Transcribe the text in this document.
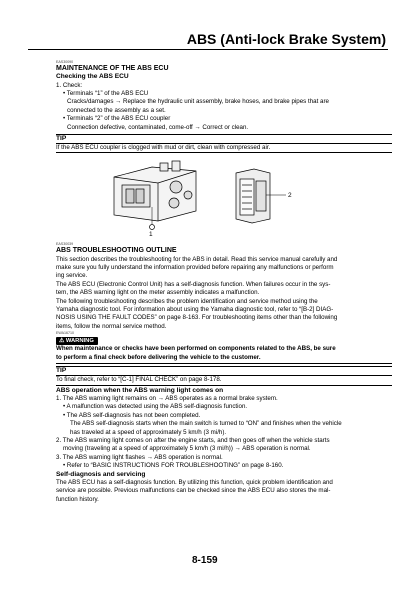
ABS (Anti-lock Brake System)
EAS30090
MAINTENANCE OF THE ABS ECU
Checking the ABS ECU
1. Check:
• Terminals “1” of the ABS ECU
Cracks/damages → Replace the hydraulic unit assembly, brake hoses, and brake pipes that are
connected to the assembly as a set.
• Terminals “2” of the ABS ECU coupler
Connection defective, contaminated, come-off → Correct or clean.
TIP
If the ABS ECU coupler is clogged with mud or dirt, clean with compressed air.
1
2
EAS30039
ABS TROUBLESHOOTING OUTLINE
This section describes the troubleshooting for the ABS in detail. Read this service manual carefully and
make sure you fully understand the information provided before repairing any malfunctions or perform
ing service.
The ABS ECU (Electronic Control Unit) has a self-diagnosis function. When failures occur in the sys-
tem, the ABS warning light on the meter assembly indicates a malfunction.
The following troubleshooting describes the problem identification and service method using the
Yamaha diagnostic tool. For information about using the Yamaha diagnostic tool, refer to “[B-2] DIAG-
NOSIS USING THE FAULT CODES” on page 8-163. For troubleshooting items other than the following
items, follow the normal service method.
EWA16710
⚠ WARNING
When maintenance or checks have been performed on components related to the ABS, be sure
to perform a final check before delivering the vehicle to the customer.
TIP
To final check, refer to “[C-1] FINAL CHECK” on page 8-178.
ABS operation when the ABS warning light comes on
1. The ABS warning light remains on → ABS operates as a normal brake system.
• A malfunction was detected using the ABS self-diagnosis function.
• The ABS self-diagnosis has not been completed.
The ABS self-diagnosis starts when the main switch is turned to “ON” and finishes when the vehicle
has traveled at a speed of approximately 5 km/h (3 mi/h).
2. The ABS warning light comes on after the engine starts, and then goes off when the vehicle starts
moving (traveling at a speed of approximately 5 km/h (3 mi/h)) → ABS operation is normal.
3. The ABS warning light flashes → ABS operation is normal.
• Refer to “BASIC INSTRUCTIONS FOR TROUBLESHOOTING” on page 8-160.
Self-diagnosis and servicing
The ABS ECU has a self-diagnosis function. By utilizing this function, quick problem identification and
service are possible. Previous malfunctions can be checked since the ABS ECU also stores the mal-
function history.
8-159
